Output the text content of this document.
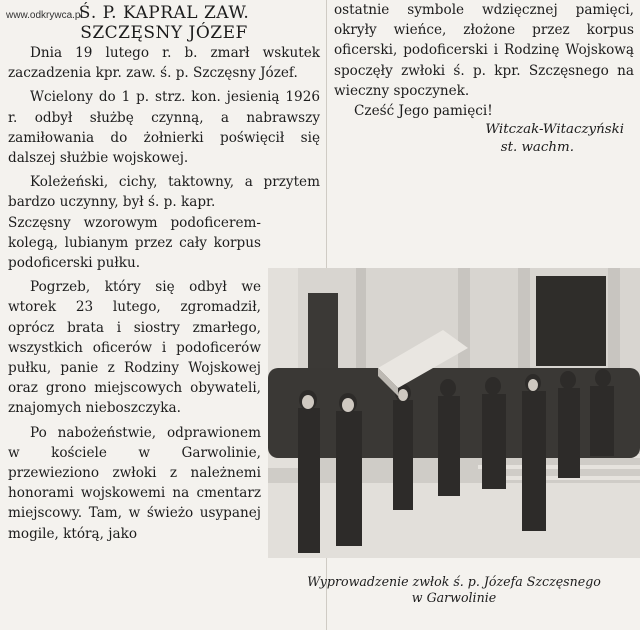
www.odkrywca.pl
Ś. P. KAPRAL ZAW.
SZCZĘSNY JÓZEF

Dnia 19 lutego r. b. zmarł wskutek zaczadzenia kpr. zaw. ś. p. Szczęsny Józef.

Wcielony do 1 p. strz. kon. jesienią 1926 r. odbył służbę czynną, a nabrawszy zamiłowania do żołnierki poświęcił się dalszej służbie wojskowej.

Koleżeński, cichy, taktowny, a przytem bardzo uczynny, był ś. p. kapr.

Szczęsny wzorowym podoficerem-kolegą, lubianym przez cały korpus podoficerski pułku.

Pogrzeb, który się odbył we wtorek 23 lutego, zgromadził, oprócz brata i siostry zmarłego, wszystkich oficerów i podoficerów pułku, panie z Rodziny Wojskowej oraz grono miejscowych obywateli, znajomych nieboszczyka.

Po nabożeństwie, odprawionem w kościele w Garwolinie, przewieziono zwłoki z należnemi honorami wojskowemi na cmentarz miejscowy. Tam, w świeżo usypanej mogile, którą, jako

ostatnie symbole wdzięcznej pamięci, okryły wieńce, złożone przez korpus oficerski, podoficerski i Rodzinę Wojskową spoczęły zwłoki ś. p. kpr. Szczęsnego na wieczny spoczynek.

Cześć Jego pamięci!

Witczak-Witaczyński

st. wachm.

Wyprowadzenie zwłok ś. p. Józefa Szczęsnego
w Garwolinie
